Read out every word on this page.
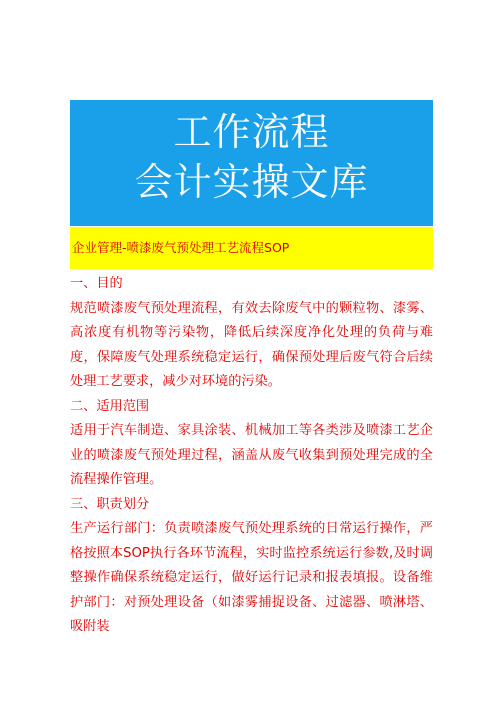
工作流程
会计实操文库
企业管理-喷漆废气预处理工艺流程SOP
一、目的

规范喷漆废气预处理流程，有效去除废气中的颗粒物、漆雾、高浓度有机物等污染物，降低后续深度净化处理的负荷与难度，保障废气处理系统稳定运行，确保预处理后废气符合后续处理工艺要求，减少对环境的污染。

二、适用范围

适用于汽车制造、家具涂装、机械加工等各类涉及喷漆工艺企业的喷漆废气预处理过程，涵盖从废气收集到预处理完成的全流程操作管理。

三、职责划分

生产运行部门：负责喷漆废气预处理系统的日常运行操作，严格按照本SOP执行各环节流程，实时监控系统运行参数,及时调整操作确保系统稳定运行，做好运行记录和报表填报。设备维护部门：对预处理设备（如漆雾捕捉设备、过滤器、喷淋塔、吸附装
